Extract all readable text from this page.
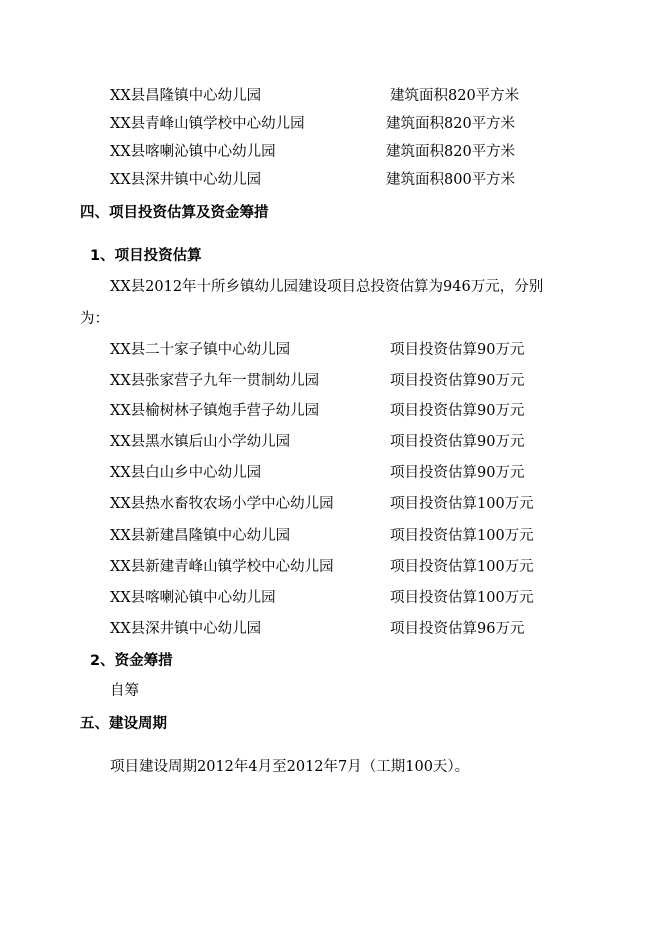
XX县昌隆镇中心幼儿园	建筑面积820平方米
XX县青峰山镇学校中心幼儿园	建筑面积820平方米
XX县喀喇沁镇中心幼儿园	建筑面积820平方米
XX县深井镇中心幼儿园	建筑面积800平方米
四、项目投资估算及资金筹措
1、项目投资估算
XX县2012年十所乡镇幼儿园建设项目总投资估算为946万元，分别
为：
XX县二十家子镇中心幼儿园	项目投资估算90万元
XX县张家营子九年一贯制幼儿园	项目投资估算90万元
XX县榆树林子镇炮手营子幼儿园	项目投资估算90万元
XX县黑水镇后山小学幼儿园	项目投资估算90万元
XX县白山乡中心幼儿园	项目投资估算90万元
XX县热水畜牧农场小学中心幼儿园	项目投资估算100万元
XX县新建昌隆镇中心幼儿园	项目投资估算100万元
XX县新建青峰山镇学校中心幼儿园	项目投资估算100万元
XX县喀喇沁镇中心幼儿园	项目投资估算100万元
XX县深井镇中心幼儿园	项目投资估算96万元
2、资金筹措
自筹
五、建设周期
项目建设周期2012年4月至2012年7月（工期100天）。
